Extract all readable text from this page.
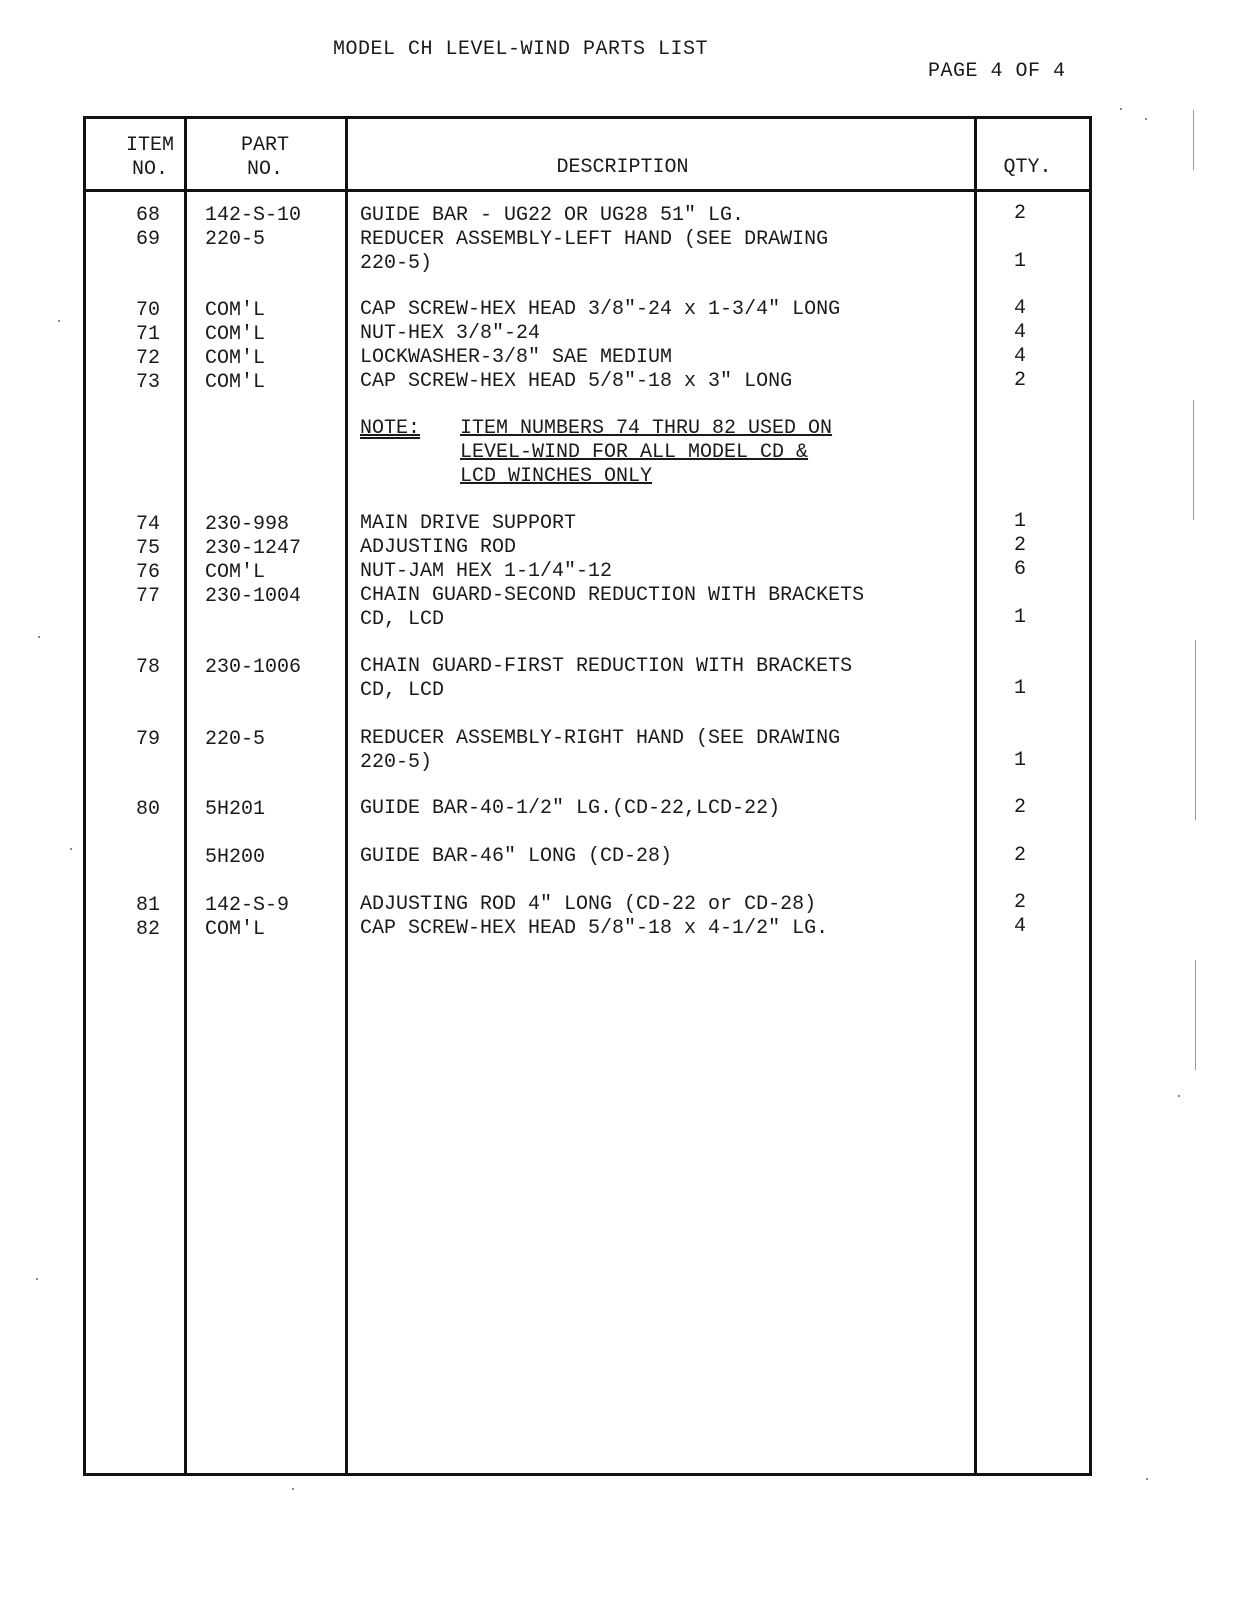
MODEL CH LEVEL-WIND PARTS LIST
PAGE 4 OF 4
ITEM
NO.
PART
NO.	DESCRIPTION	QTY.
68 142-S-10	GUIDE BAR - UG22 OR UG28 51" LG.	2
69 220-5	REDUCER ASSEMBLY-LEFT HAND (SEE DRAWING
220-5)	1
70 COM'L	CAP SCREW-HEX HEAD 3/8"-24 x 1-3/4" LONG	4
71 COM'L	NUT-HEX 3/8"-24	4
72 COM'L	LOCKWASHER-3/8" SAE MEDIUM	4
73 COM'L	CAP SCREW-HEX HEAD 5/8"-18 x 3" LONG	2
NOTE: ITEM NUMBERS 74 THRU 82 USED ON
LEVEL-WIND FOR ALL MODEL CD &
LCD WINCHES ONLY
74 230-998	MAIN DRIVE SUPPORT	1
75 230-1247	ADJUSTING ROD	2
76 COM'L	NUT-JAM HEX 1-1/4"-12	6
77 230-1004	CHAIN GUARD-SECOND REDUCTION WITH BRACKETS
CD, LCD	1
78 230-1006	CHAIN GUARD-FIRST REDUCTION WITH BRACKETS
CD, LCD	1
79 220-5	REDUCER ASSEMBLY-RIGHT HAND (SEE DRAWING
220-5)	1
80 5H201	GUIDE BAR-40-1/2" LG.(CD-22,LCD-22)	2
5H200	GUIDE BAR-46" LONG (CD-28)	2
81 142-S-9	ADJUSTING ROD 4" LONG (CD-22 or CD-28)	2
82 COM'L	CAP SCREW-HEX HEAD 5/8"-18 x 4-1/2" LG.	4
